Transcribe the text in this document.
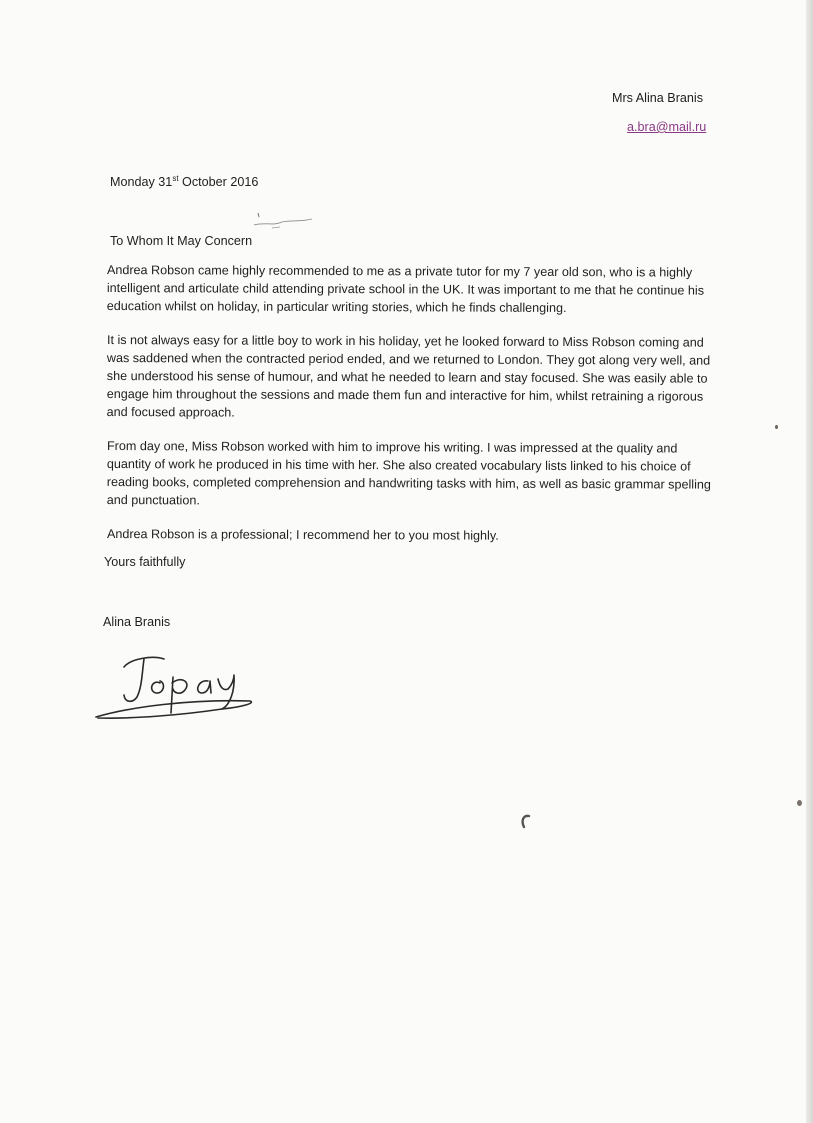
Mrs Alina Branis
a.bra@mail.ru
Monday 31st October 2016
To Whom It May Concern

Andrea Robson came highly recommended to me as a private tutor for my 7 year old son, who is a highly intelligent and articulate child attending private school in the UK. It was important to me that he continue his education whilst on holiday, in particular writing stories, which he finds challenging.

It is not always easy for a little boy to work in his holiday, yet he looked forward to Miss Robson coming and was saddened when the contracted period ended, and we returned to London. They got along very well, and she understood his sense of humour, and what he needed to learn and stay focused. She was easily able to engage him throughout the sessions and made them fun and interactive for him, whilst retraining a rigorous and focused approach.

From day one, Miss Robson worked with him to improve his writing. I was impressed at the quality and quantity of work he produced in his time with her. She also created vocabulary lists linked to his choice of reading books, completed comprehension and handwriting tasks with him, as well as basic grammar spelling and punctuation.

Andrea Robson is a professional; I recommend her to you most highly.

Yours faithfully
Alina Branis
